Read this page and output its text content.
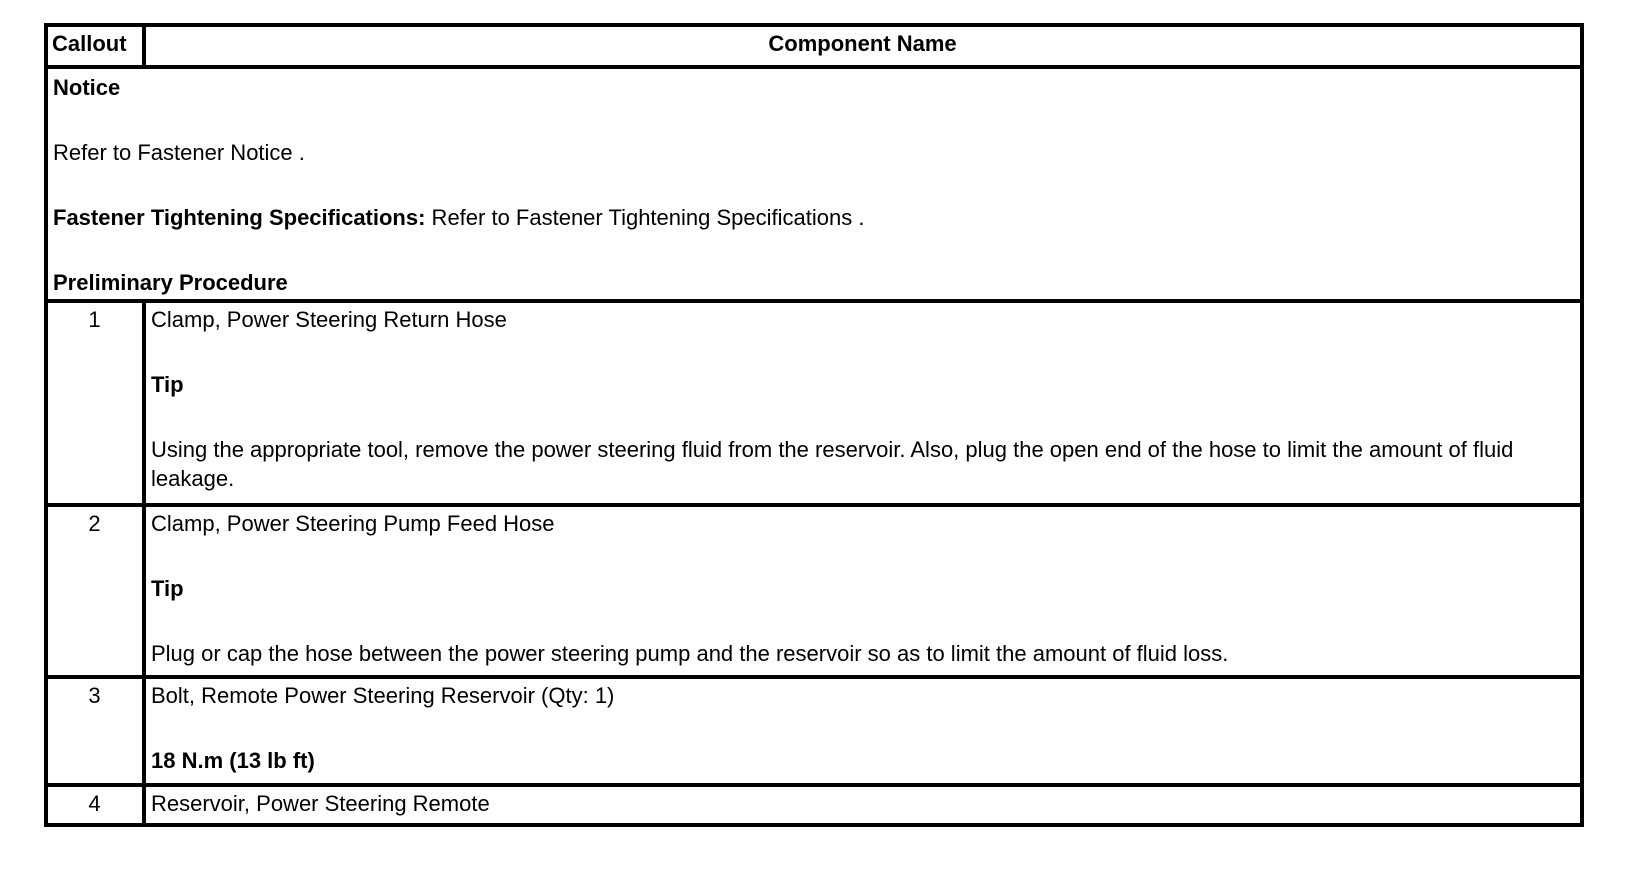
Callout	Component Name

Notice

Refer to Fastener Notice .

Fastener Tightening Specifications: Refer to Fastener Tightening Specifications .

Preliminary Procedure	

1	Clamp, Power Steering Return Hose

Tip

Using the appropriate tool, remove the power steering fluid from the reservoir. Also, plug the open end of the hose to limit the amount of fluid leakage.

2	Clamp, Power Steering Pump Feed Hose

Tip

Plug or cap the hose between the power steering pump and the reservoir so as to limit the amount of fluid loss.

3	Bolt, Remote Power Steering Reservoir (Qty: 1)

18 N.m (13 lb ft)

4	Reservoir, Power Steering Remote
